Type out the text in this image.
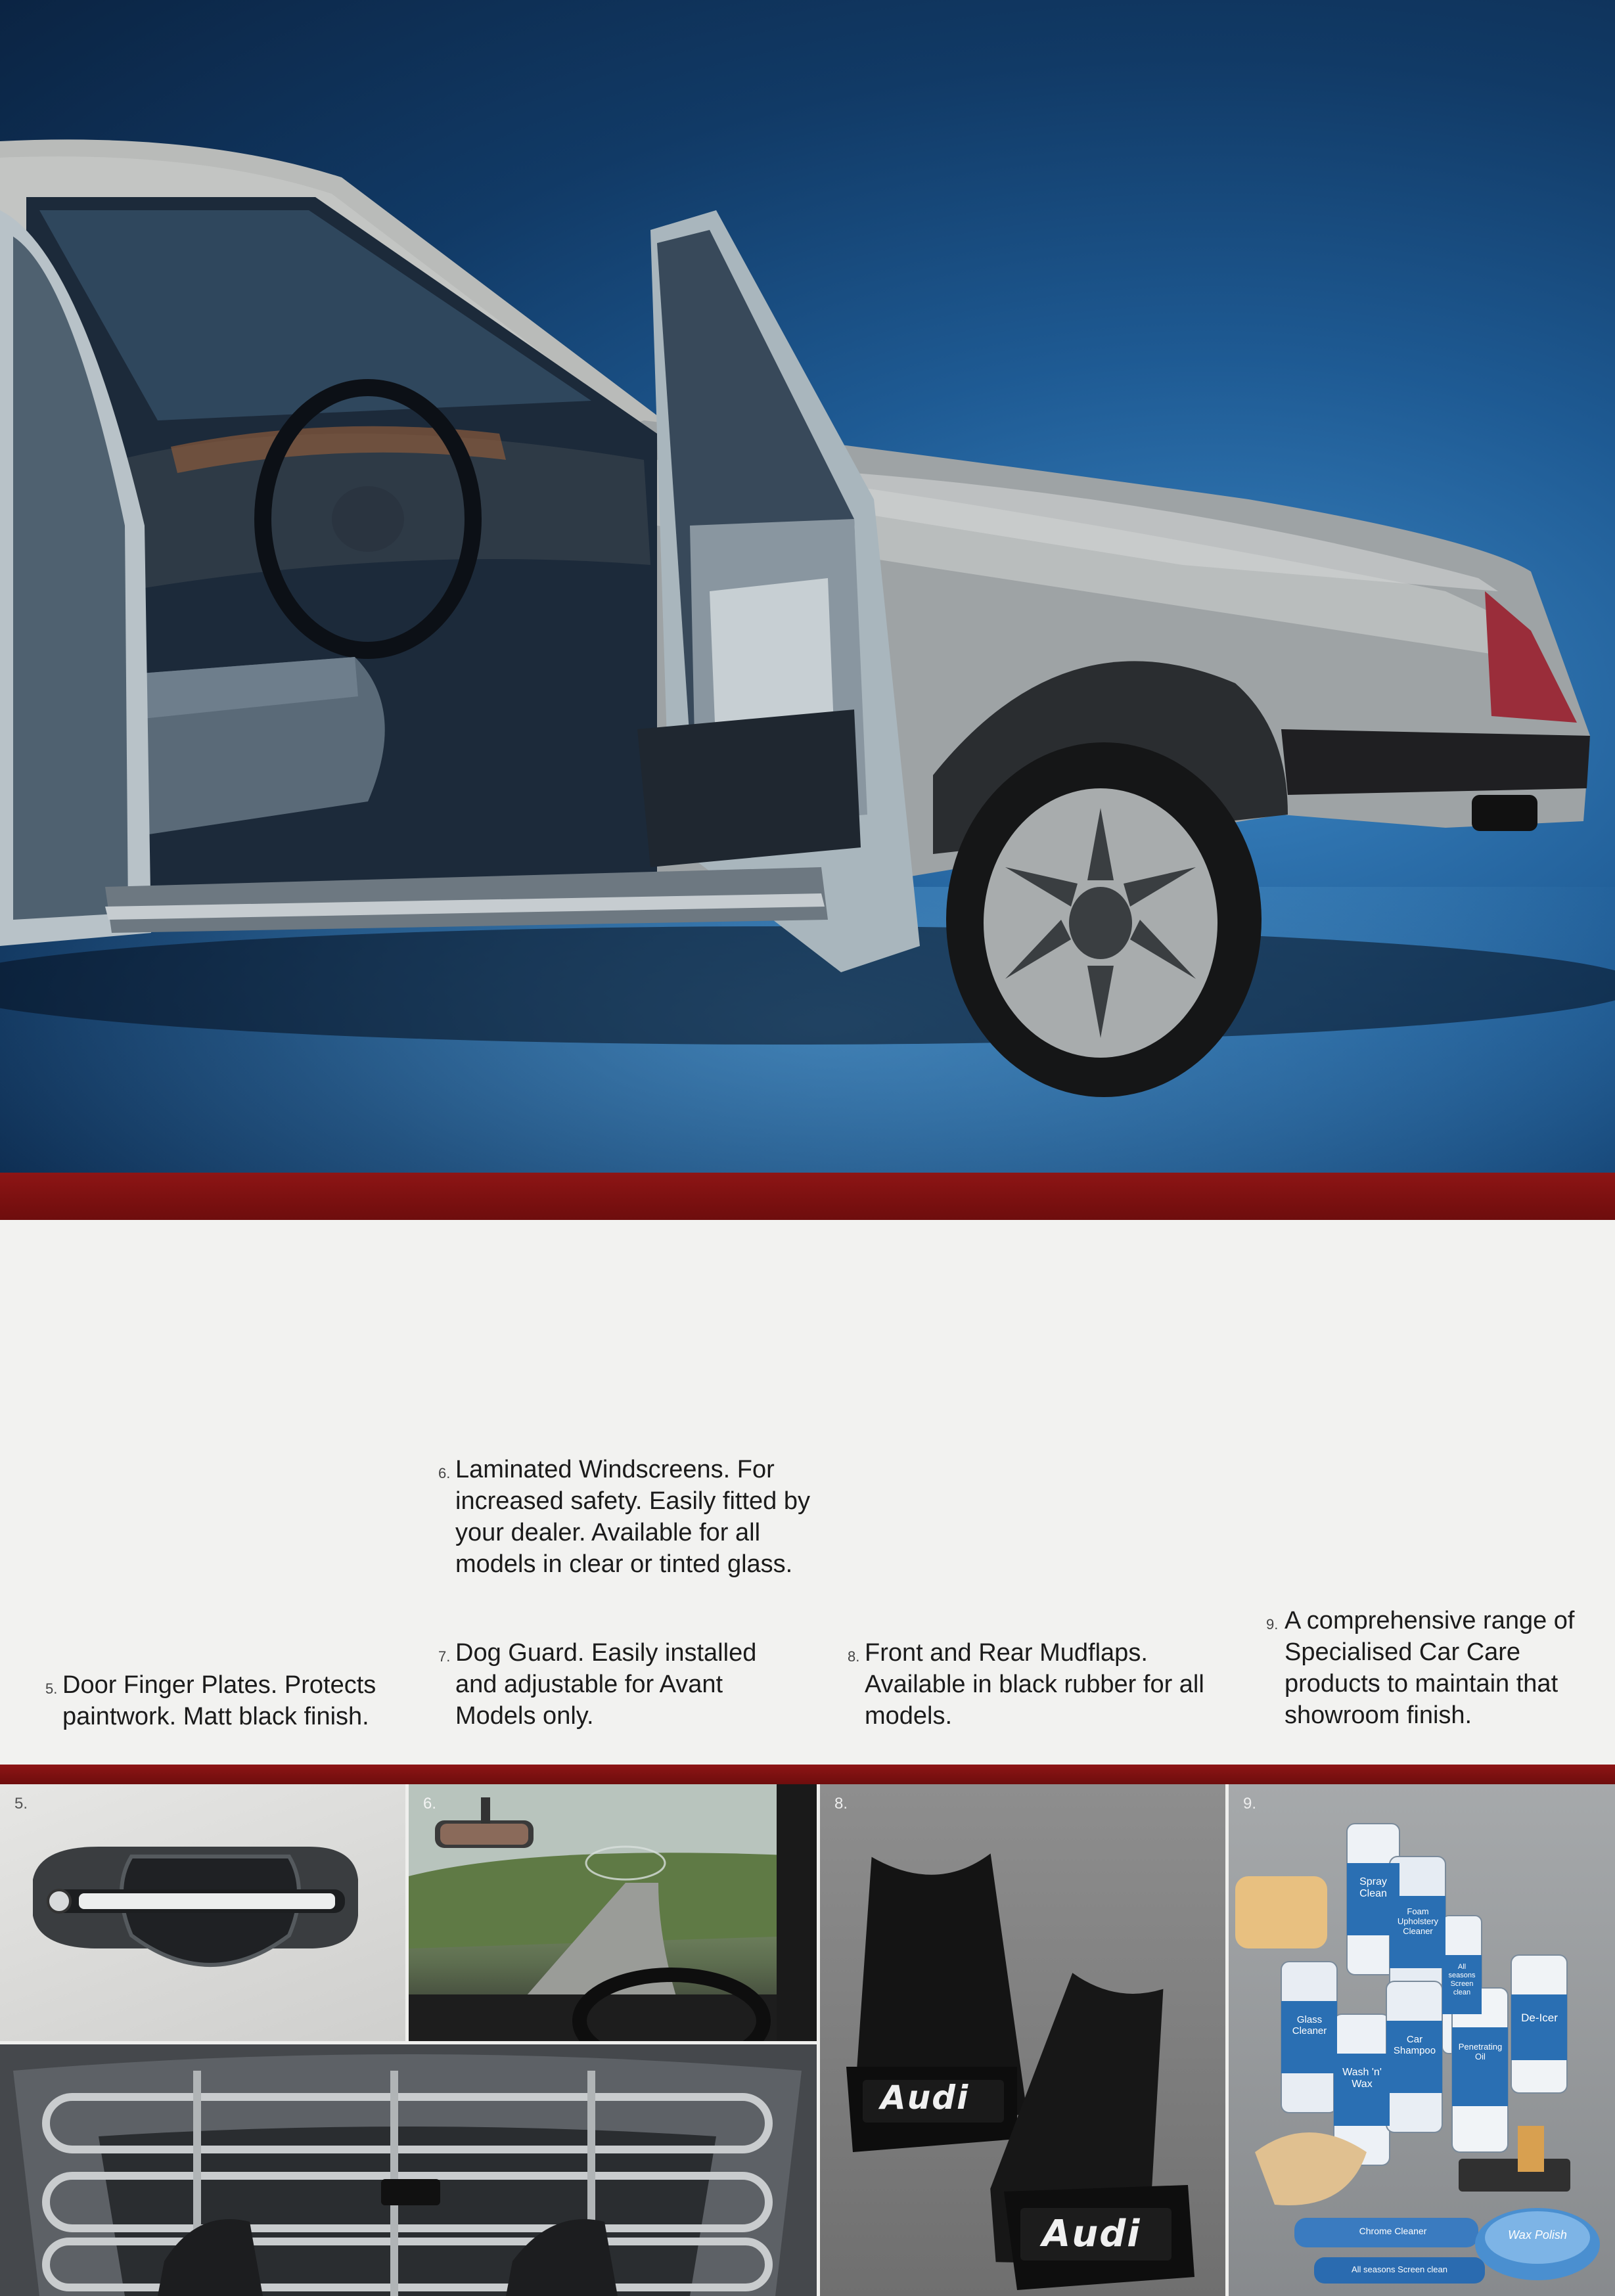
5. Door Finger Plates. Protects paintwork. Matt black finish.
6. Laminated Windscreens. For increased safety. Easily fitted by your dealer. Available for all models in clear or tinted glass.
7. Dog Guard. Easily installed and adjustable for Avant Models only.
8. Front and Rear Mudflaps. Available in black rubber for all models.
9. A comprehensive range of Specialised Car Care products to maintain that showroom finish.
5.	6.	8.
Audi
Audi
9.
Spray Clean
Foam Upholstery Cleaner
All seasons Screen clean
Glass Cleaner
Wash 'n' Wax
Car Shampoo	Penetrating Oil
De-Icer
Chrome Cleaner
All seasons Screen clean
Wax Polish
